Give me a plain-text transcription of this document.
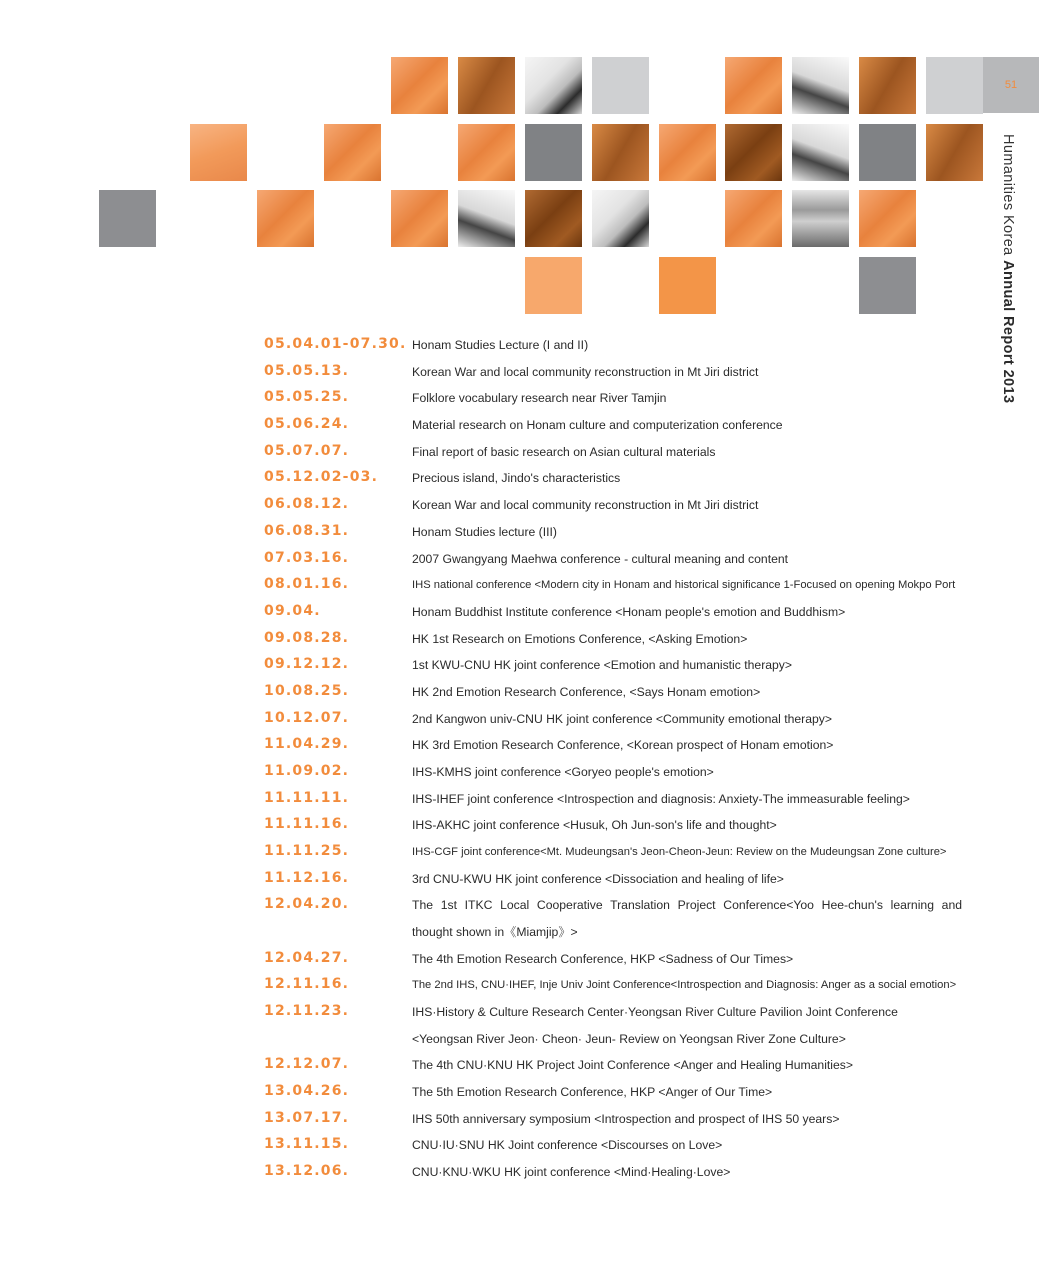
51
Humanities Korea Annual Report 2013
05.04.01-07.30. Honam Studies Lecture (I and II)
05.05.13.	Korean War and local community reconstruction in Mt Jiri district
05.05.25.	Folklore vocabulary research near River Tamjin
05.06.24.	Material research on Honam culture and computerization conference
05.07.07.	Final report of basic research on Asian cultural materials
05.12.02-03.	Precious island, Jindo's characteristics
06.08.12.	Korean War and local community reconstruction in Mt Jiri district
06.08.31.	Honam Studies lecture (III)
07.03.16.	2007 Gwangyang Maehwa conference - cultural meaning and content
08.01.16.	IHS national conference <Modern city in Honam and historical significance 1-Focused on opening Mokpo Port
09.04.	Honam Buddhist Institute conference <Honam people's emotion and Buddhism>
09.08.28.	HK 1st Research on Emotions Conference, <Asking Emotion>
09.12.12.	1st KWU-CNU HK joint conference <Emotion and humanistic therapy>
10.08.25.	HK 2nd Emotion Research Conference, <Says Honam emotion>
10.12.07.	2nd Kangwon univ-CNU HK joint conference <Community emotional therapy>
11.04.29.	HK 3rd Emotion Research Conference, <Korean prospect of Honam emotion>
11.09.02.	IHS-KMHS joint conference <Goryeo people's emotion>
11.11.11.	IHS-IHEF joint conference <Introspection and diagnosis: Anxiety-The immeasurable feeling>
11.11.16.	IHS-AKHC joint conference <Husuk, Oh Jun-son's life and thought>
11.11.25.	IHS-CGF joint conference<Mt. Mudeungsan's Jeon-Cheon-Jeun: Review on the Mudeungsan Zone culture>
11.12.16.	3rd CNU-KWU HK joint conference <Dissociation and healing of life>
12.04.20.	The 1st ITKC Local Cooperative Translation Project Conference<Yoo Hee-chun's learning and thought shown in《Miamjip》>
12.04.27.	The 4th Emotion Research Conference, HKP <Sadness of Our Times>
12.11.16.	The 2nd IHS, CNU·IHEF, Inje Univ Joint Conference<Introspection and Diagnosis: Anger as a social emotion>
12.11.23.	IHS·History & Culture Research Center·Yeongsan River Culture Pavilion Joint Conference
<Yeongsan River Jeon· Cheon· Jeun- Review on Yeongsan River Zone Culture>
12.12.07.	The 4th CNU·KNU HK Project Joint Conference <Anger and Healing Humanities>
13.04.26.	The 5th Emotion Research Conference, HKP <Anger of Our Time>
13.07.17.	IHS 50th anniversary symposium <Introspection and prospect of IHS 50 years>
13.11.15.	CNU·IU·SNU HK Joint conference <Discourses on Love>
13.12.06.	CNU·KNU·WKU HK joint conference <Mind·Healing·Love>
